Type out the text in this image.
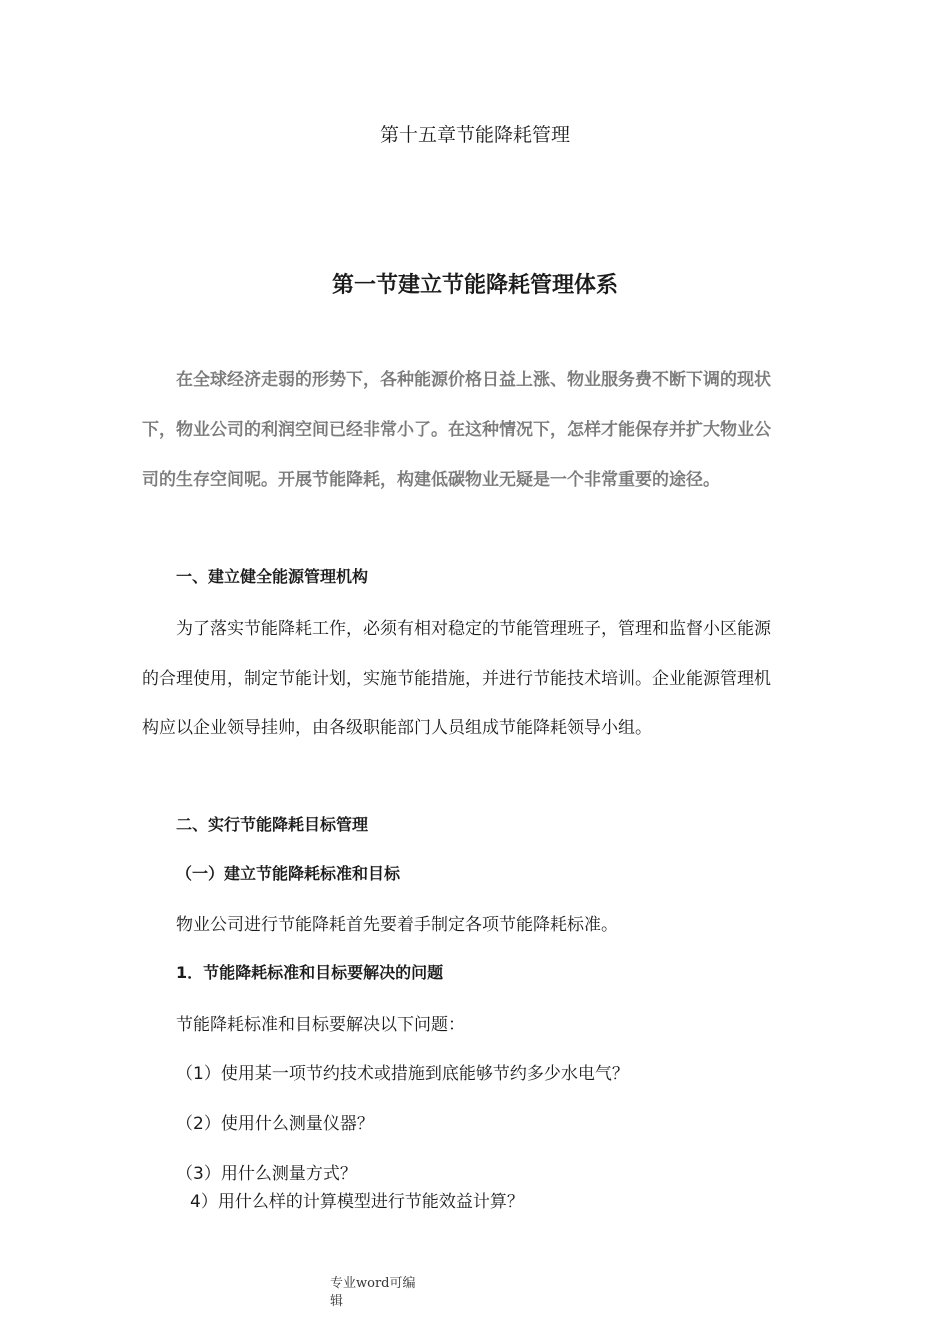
第十五章节能降耗管理
第一节建立节能降耗管理体系
在全球经济走弱的形势下，各种能源价格日益上涨、物业服务费不断下调的现状
下，物业公司的利润空间已经非常小了。在这种情况下，怎样才能保存并扩大物业公
司的生存空间呢。开展节能降耗，构建低碳物业无疑是一个非常重要的途径。
一、建立健全能源管理机构
为了落实节能降耗工作，必须有相对稳定的节能管理班子，管理和监督小区能源
的合理使用，制定节能计划，实施节能措施，并进行节能技术培训。企业能源管理机
构应以企业领导挂帅，由各级职能部门人员组成节能降耗领导小组。
二、实行节能降耗目标管理
（一）建立节能降耗标准和目标
物业公司进行节能降耗首先要着手制定各项节能降耗标准。
1．节能降耗标准和目标要解决的问题
节能降耗标准和目标要解决以下问题：
（1）使用某一项节约技术或措施到底能够节约多少水电气？
（2）使用什么测量仪器？
（3）用什么测量方式？
4）用什么样的计算模型进行节能效益计算？
专业word可编
辑
